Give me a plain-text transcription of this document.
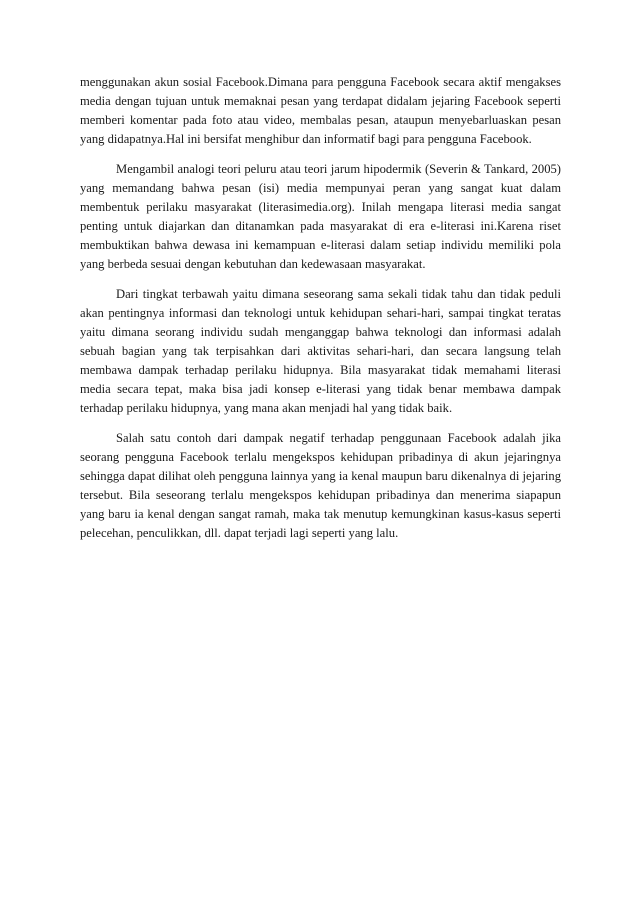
menggunakan akun sosial Facebook.Dimana para pengguna Facebook secara aktif mengakses media dengan tujuan untuk memaknai pesan yang terdapat didalam jejaring Facebook seperti memberi komentar pada foto atau video, membalas pesan, ataupun menyebarluaskan pesan yang didapatnya.Hal ini bersifat menghibur dan informatif bagi para pengguna Facebook.

Mengambil analogi teori peluru atau teori jarum hipodermik (Severin & Tankard, 2005) yang memandang bahwa pesan (isi) media mempunyai peran yang sangat kuat dalam membentuk perilaku masyarakat (literasimedia.org). Inilah mengapa literasi media sangat penting untuk diajarkan dan ditanamkan pada masyarakat di era e-literasi ini.Karena riset membuktikan bahwa dewasa ini kemampuan e-literasi dalam setiap individu memiliki pola yang berbeda sesuai dengan kebutuhan dan kedewasaan masyarakat.

Dari tingkat terbawah yaitu dimana seseorang sama sekali tidak tahu dan tidak peduli akan pentingnya informasi dan teknologi untuk kehidupan sehari-hari, sampai tingkat teratas yaitu dimana seorang individu sudah menganggap bahwa teknologi dan informasi adalah sebuah bagian yang tak terpisahkan dari aktivitas sehari-hari, dan secara langsung telah membawa dampak terhadap perilaku hidupnya. Bila masyarakat tidak memahami literasi media secara tepat, maka bisa jadi konsep e-literasi yang tidak benar membawa dampak terhadap perilaku hidupnya, yang mana akan menjadi hal yang tidak baik.

Salah satu contoh dari dampak negatif terhadap penggunaan Facebook adalah jika seorang pengguna Facebook terlalu mengekspos kehidupan pribadinya di akun jejaringnya sehingga dapat dilihat oleh pengguna lainnya yang ia kenal maupun baru dikenalnya di jejaring tersebut. Bila seseorang terlalu mengekspos kehidupan pribadinya dan menerima siapapun yang baru ia kenal dengan sangat ramah, maka tak menutup kemungkinan kasus-kasus seperti pelecehan, penculikkan, dll. dapat terjadi lagi seperti yang lalu.
